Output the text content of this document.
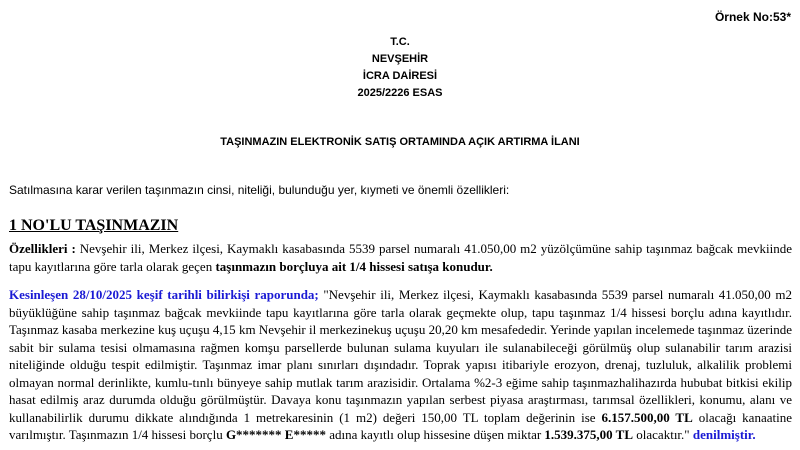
Örnek No:53*
T.C.
NEVŞEHİR
İCRA DAİRESİ
2025/2226 ESAS
TAŞINMAZIN ELEKTRONİK SATIŞ ORTAMINDA AÇIK ARTIRMA İLANI
Satılmasına karar verilen taşınmazın cinsi, niteliği, bulunduğu yer, kıymeti ve önemli özellikleri:
1 NO'LU TAŞINMAZIN
Özellikleri : Nevşehir ili, Merkez ilçesi, Kaymaklı kasabasında 5539 parsel numaralı 41.050,00 m2 yüzölçümüne sahip taşınmaz bağcak mevkiinde tapu kayıtlarına göre tarla olarak geçen taşınmazın borçluya ait 1/4 hissesi satışa konudur.
Kesinleşen 28/10/2025 keşif tarihli bilirkişi raporunda; "Nevşehir ili, Merkez ilçesi, Kaymaklı kasabasında 5539 parsel numaralı 41.050,00 m2 büyüklüğüne sahip taşınmaz bağcak mevkiinde tapu kayıtlarına göre tarla olarak geçmekte olup, tapu taşınmaz 1/4 hissesi borçlu adına kayıtlıdır. Taşınmaz kasaba merkezine kuş uçuşu 4,15 km Nevşehir il merkezinekuş uçuşu 20,20 km mesafededir. Yerinde yapılan incelemede taşınmaz üzerinde sabit bir sulama tesisi olmamasına rağmen komşu parsellerde bulunan sulama kuyuları ile sulanabileceği görülmüş olup sulanabilir tarım arazisi niteliğinde olduğu tespit edilmiştir. Taşınmaz imar planı sınırları dışındadır. Toprak yapısı itibariyle erozyon, drenaj, tuzluluk, alkalilik problemi olmayan normal derinlikte, kumlu-tınlı bünyeye sahip mutlak tarım arazisidir. Ortalama %2-3 eğime sahip taşınmazhalihazırda hububat bitkisi ekilip hasat edilmiş araz durumda olduğu görülmüştür. Davaya konu taşınmazın yapılan serbest piyasa araştırması, tarımsal özellikleri, konumu, alanı ve kullanabilirlik durumu dikkate alındığında 1 metrekaresinin (1 m2) değeri 150,00 TL toplam değerinin ise 6.157.500,00 TL olacağı kanaatine varılmıştır. Taşınmazın 1/4 hissesi borçlu G******* E***** adına kayıtlı olup hissesine düşen miktar 1.539.375,00 TL olacaktır." denilmiştir.
